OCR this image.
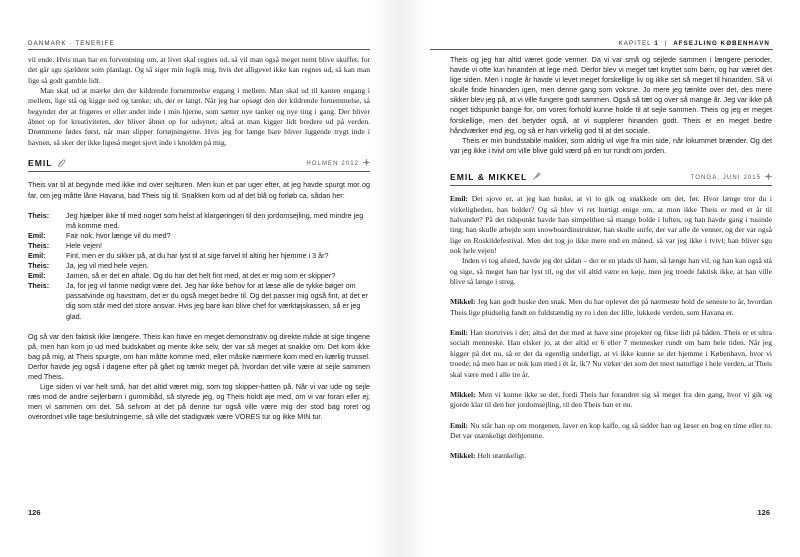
DANMARK · TENERIFE

vil ende. Hvis man har en forventning om, at livet skal regnes ud, så vil man også meget nemt blive skuffet, for det går sgu sjældent som planlagt. Og så siger min logik mig, hvis det alligevel ikke kan regnes ud, så kan man lige så godt gamble lidt.

Man skal ud at mærke den der kildrende fornemmelse engang i mellem. Man skal ud til kanten engang i mellem, lige stå og kigge ned og tænke; uh, der er langt. Når jeg har opsøgt den der kildrende fornemmelse, så begynder der at frigøres et eller andet inde i min hjerne, som sætter nye tanker og nye ting i gang. Der bliver åbnet op for kreativiteten, der bliver åbnet op for udsynet; altså at man kigger lidt bredere ud på verden. Drømmene fødes først, når man slipper fortøjningerne. Hvis jeg for længe bare bliver liggende trygt inde i havnen, så sker der ikke ligeså meget sjovt inde i knolden på mig.

EMIL	HOLMEN 2012

Theis var til at begynde med ikke ind over sejlturen. Men kun et par uger efter, at jeg havde spurgt mor og far, om jeg måtte låne Havana, bad Theis sig til. Snakken kom ud af det blå og forløb ca. sådan her:

Theis:	Jeg hjælper ikke til med noget som helst af klargøringen til den jordomsejling, med mindre jeg må komme med.
Emil:	Fair nok, hvor længe vil du med?
Theis:	Hele vejen!
Emil:	Fint, men er du sikker på, at du har lyst til at sige farvel til alting her hjemme i 3 år?
Theis:	Ja, jeg vil med hele vejen.
Emil:	Jamen, så er det en aftale. Og du har det helt fint med, at det er mig som er skipper?
Theis:	Ja, for jeg vil fanme nødigt være det. Jeg har ikke behov for at læse alle de tykke bøger om passatvinde og havstrøm, det er du også meget bedre til. Og det passer mig også fint, at det er dig som står med det store ansvar. Hvis jeg bare kan blive chef for værktøjskassen, så er jeg glad.

Og så var den faktisk ikke længere. Theis kan have en meget demonstrativ og direkte måde at sige tingene på, men han kom jo ud med budskabet og mente ikke selv, der var så meget at snakke om. Det kom ikke bag på mig, at Theis spurgte, om han måtte komme med, eller måske nærmere kom med en kærlig trussel. Derfor havde jeg også i dagene efter på gået og tænkt meget på, hvordan det ville være at sejle sammen med Theis.

Lige siden vi var helt små, har det altid været mig, som tog skipper-hatten på. Når vi var ude og sejle ræs mod de andre sejlerbørn i gummibåd, så styrede jeg, og Theis holdt øje med, om vi var foran eller ej; men vi sammen om det. Så selvom at det på denne tur også ville være mig der stod bag roret og overordnet ville tage beslutningerne, så ville det stadigvæk være VORES tur og ikke MIN tur.

126
KAPITEL 1 | AFSEJLING KØBENHAVN

Theis og jeg har altid været gode venner. Da vi var små og sejlede sammen i længere perioder, havde vi ofte kun hinanden at lege med. Derfor blev vi meget tæt knyttet som børn, og har været det lige siden. Men i nogle år havde vi levet meget forskellige liv og ikke set så meget til hinanden. Så vi skulle finde hinanden igen, men denne gang som voksne. Jo mere jeg tænkte over det, des mere sikker blev jeg på, at vi ville fungere godt sammen. Også så tæt og over så mange år. Jeg var ikke på noget tidspunkt bange for, om vores forhold kunne holde til at sejle sammen. Theis og jeg er meget forskellige, men det betyder også, at vi supplerer hinanden godt. Theis er en meget bedre håndværker end jeg, og så er han virkelig god til at det sociale.

Theis er min bundstabile makker, som aldrig vil vige fra min side, når lokummet brænder. Og det var jeg ikke i tvivl om ville blive guld værd på en tur rundt om jorden.

EMIL & MIKKEL	TONGA, JUNI 2015

Emil: Det sjove er, at jeg kan huske, at vi to gik og snakkede om det, før. Hvor længe tror du i virkeligheden, han holder? Og så blev vi ret hurtigt enige om, at mon ikke Theis er med et år til halvandet? På det tidspunkt havde han simpelthen så mange bolde i luften, og han havde gang i tusinde ting; han skulle arbejde som snowboardinstruktør, han skulle surfe, der var alle de venner, og der var også lige en Roskildefestival. Men det tog jo ikke mere end en måned, så var jeg ikke i tvivl; han bliver sgu nok hele vejen!

Inden vi tog afsted, havde jeg det sådan – der er en plads til ham, så længe han vil, og han kan også stå og sige, så meget han har lyst til, og der vil altid være en køje, men jeg troede faktisk ikke, at han ville blive så længe i streg.

Mikkel: Jeg kan godt huske den snak. Men du har oplevet det på nærmeste hold de seneste to år, hvordan Theis lige pludselig fandt en fuldstændig ny ro i den der lille, lukkede verden, som Havana er.

Emil: Han stortrives i det; altså det der med at have sine projekter og fikse lidt på båden. Theis er et ultra socialt menneske. Han elsker jo, at der altid er 6 eller 7 mennesker rundt om ham hele tiden. Når jeg kigger på det nu, så er det da egentlig underligt, at vi ikke kunne se det hjemme i København, hvor vi troede; nå men han er nok kun med i ét år, ik'? Nu virker det som det mest naturlige i hele verden, at Theis skal være med i alle tre år.

Mikkel: Men vi kunne ikke se det, fordi Theis har forandret sig så meget fra den gang, hvor vi gik og gjorde klar til den her jordomsejling, til den Theis han er nu.

Emil: Nu står han op om morgenen, laver en kop kaffe, og så sidder han og læser en bog en time eller to. Det var utænkeligt derhjemme.

Mikkel: Helt utænkeligt.

126
